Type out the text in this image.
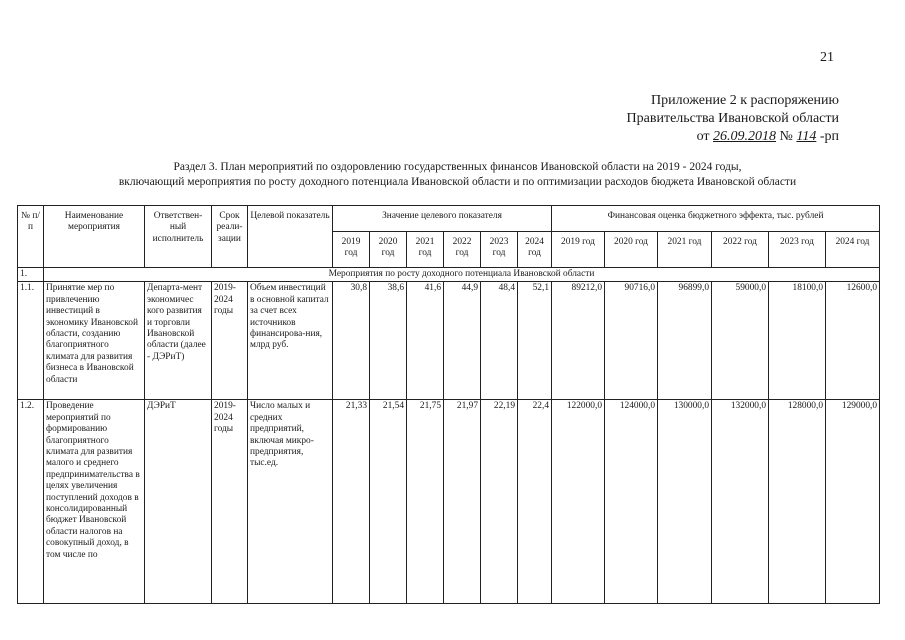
21
Приложение 2 к распоряжению
Правительства Ивановской области
от 26.09.2018 № 114 -рп
Раздел 3. План мероприятий по оздоровлению государственных финансов Ивановской области на 2019 - 2024 годы,
включающий мероприятия по росту доходного потенциала Ивановской области и по оптимизации расходов бюджета Ивановской области
№ п/п	Наименование мероприятия	Ответствен-ный исполнитель	Срок реали-зации	Целевой показатель	Значение целевого показателя						Финансовая оценка бюджетного эффекта, тыс. рублей					
					2019 год	2020 год	2021 год	2022 год	2023 год	2024 год	2019 год	2020 год	2021 год	2022 год	2023 год	2024 год
1.	Мероприятия по росту доходного потенциала Ивановской области															
1.1.	Принятие мер по привлечению инвестиций в экономику Ивановской области, созданию благоприятного климата для развития бизнеса в Ивановской области	Департа-мент экономичес кого развития и торговли Ивановской области (далее - ДЭРиТ)	2019-2024 годы	Объем инвестиций в основной капитал за счет всех источников финансирова-ния, млрд руб.	30,8	38,6	41,6	44,9	48,4	52,1	89212,0	90716,0	96899,0	59000,0	18100,0	12600,0
1.2.	Проведение мероприятий по формированию благоприятного климата для развития малого и среднего предпринимательства в целях увеличения поступлений доходов в консолидированный бюджет Ивановской области налогов на совокупный доход, в том числе по	ДЭРиТ	2019-2024 годы	Число малых и средних предприятий, включая микро-предприятия, тыс.ед.	21,33	21,54	21,75	21,97	22,19	22,4	122000,0	124000,0	130000,0	132000,0	128000,0	129000,0
